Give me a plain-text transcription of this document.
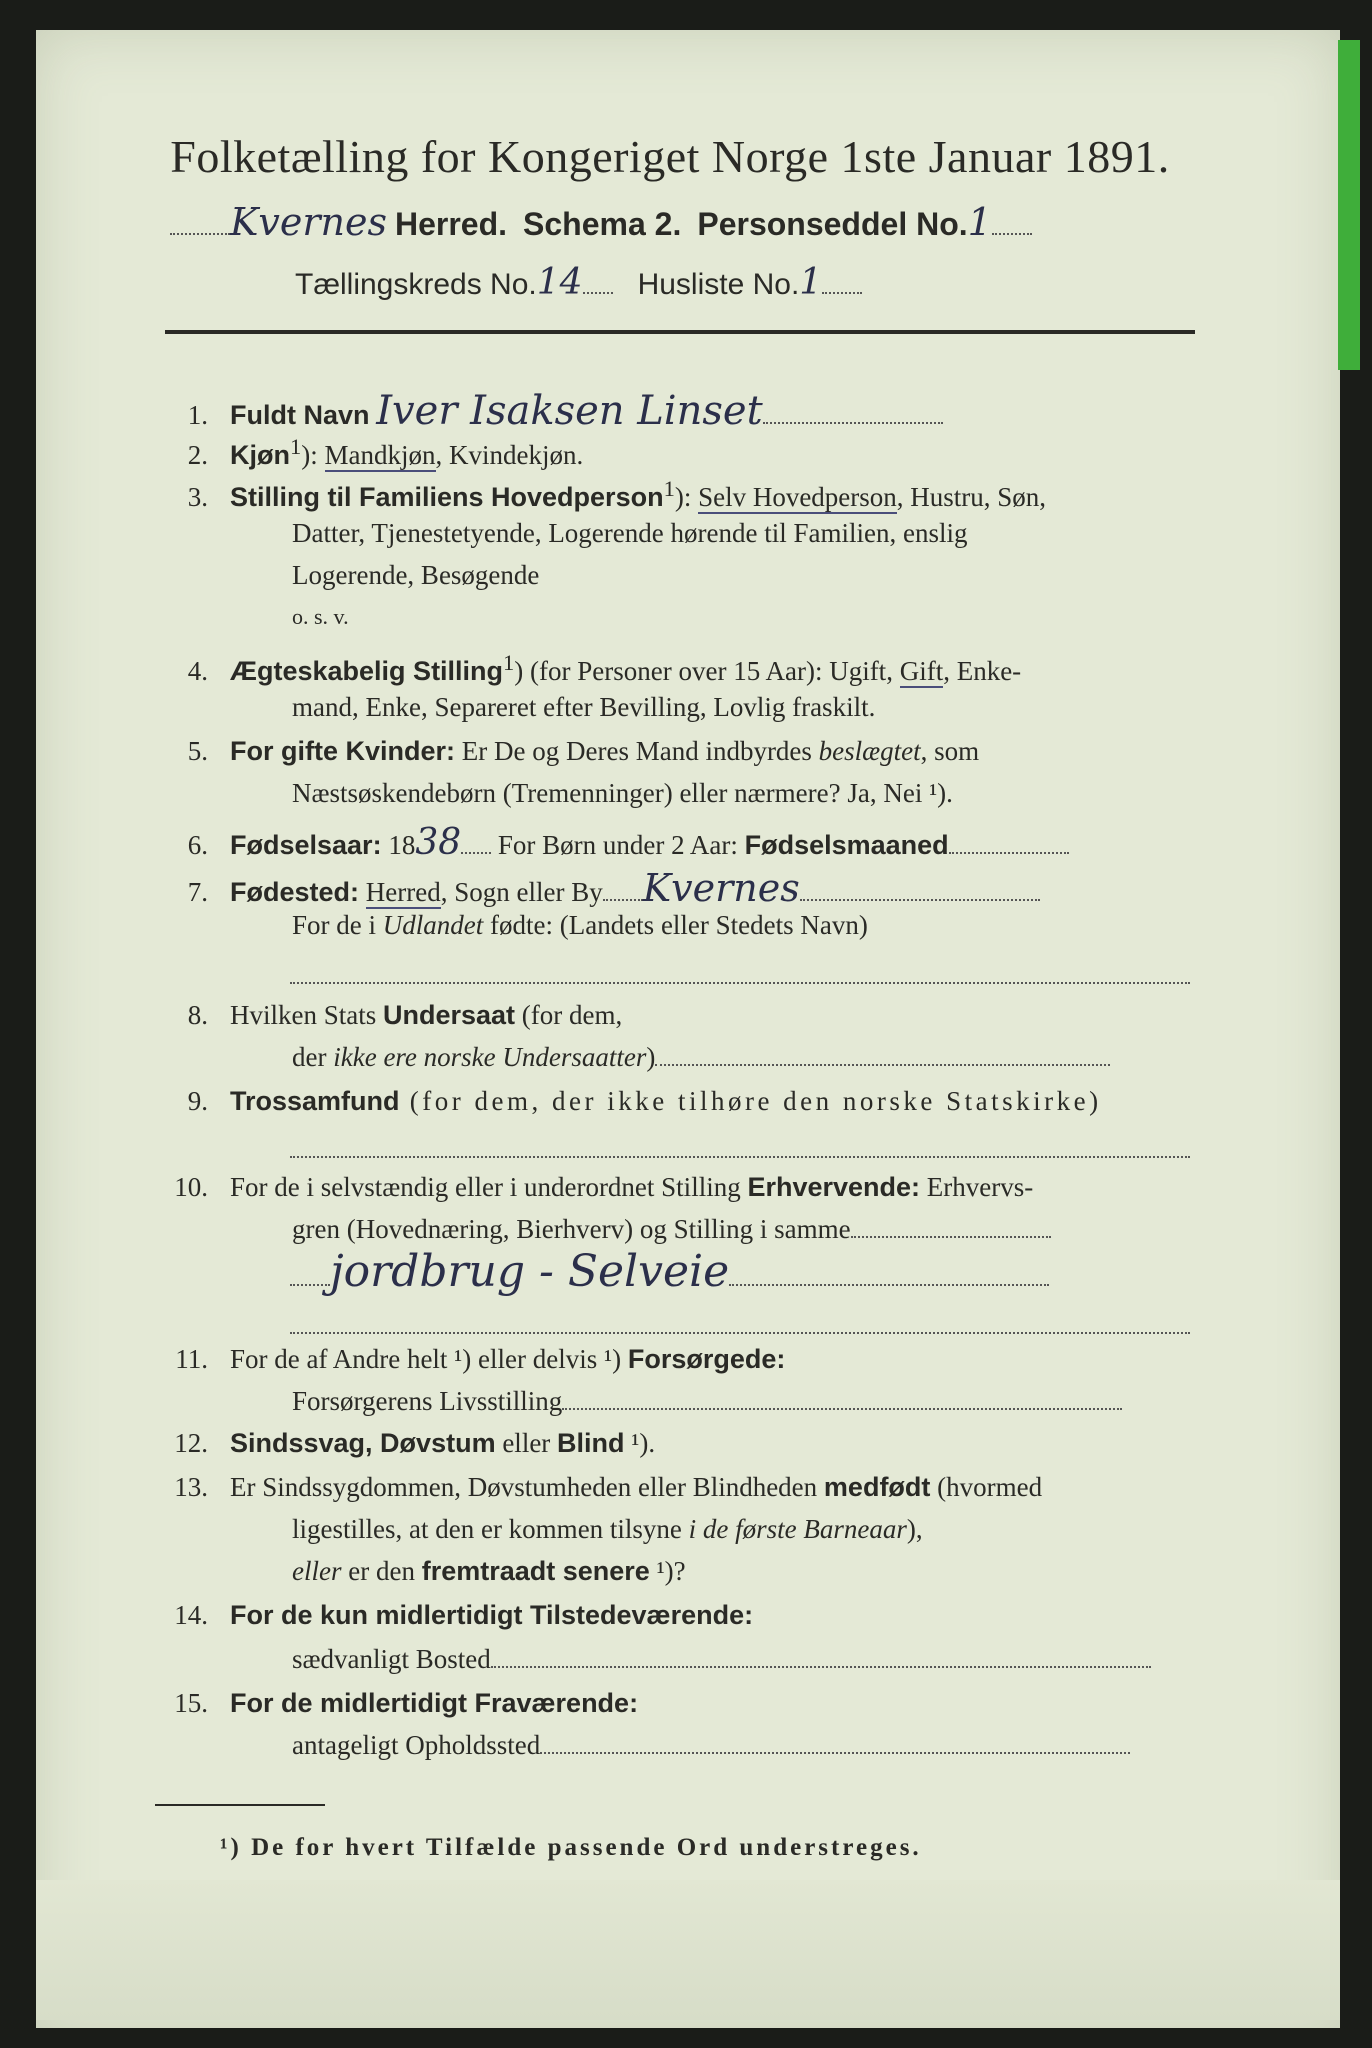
Folketælling for Kongeriget Norge 1ste Januar 1891.
Kvernes Herred. Schema 2. Personseddel No.1
Tællingskreds No.14 Husliste No.1
1. Fuldt Navn Iver Isaksen Linset
2. Kjøn$^1$): Mandkjøn, Kvindekjøn.
3. Stilling til Familiens Hovedperson$^1$): Selv Hovedperson, Hustru, Søn,
Datter, Tjenestetyende, Logerende hørende til Familien, enslig
Logerende, Besøgende
o. s. v.
4. Ægteskabelig Stilling$^1$) (for Personer over 15 Aar): Ugift, Gift, Enke-
mand, Enke, Separeret efter Bevilling, Lovlig fraskilt.
5. For gifte Kvinder: Er De og Deres Mand indbyrdes beslægtet, som
Næstsøskendebørn (Tremenninger) eller nærmere? Ja, Nei ¹).
6. Fødselsaar: 1838 For Børn under 2 Aar: Fødselsmaaned
7. Fødested: Herred, Sogn eller By Kvernes
For de i Udlandet fødte: (Landets eller Stedets Navn)
8. Hvilken Stats Undersaat (for dem,
der ikke ere norske Undersaatter)
9. Trossamfund (for dem, der ikke tilhøre den norske Statskirke)
10. For de i selvstændig eller i underordnet Stilling Erhvervende: Erhvervs-
gren (Hovednæring, Bierhverv) og Stilling i samme
jordbrug - Selveie
11. For de af Andre helt ¹) eller delvis ¹) Forsørgede:
Forsørgerens Livsstilling
12. Sindssvag, Døvstum eller Blind ¹).
13. Er Sindssygdommen, Døvstumheden eller Blindheden medfødt (hvormed
ligestilles, at den er kommen tilsyne i de første Barneaar),
eller er den fremtraadt senere ¹)?
14. For de kun midlertidigt Tilstedeværende:
sædvanligt Bosted
15. For de midlertidigt Fraværende:
antageligt Opholdssted
¹) De for hvert Tilfælde passende Ord understreges.
